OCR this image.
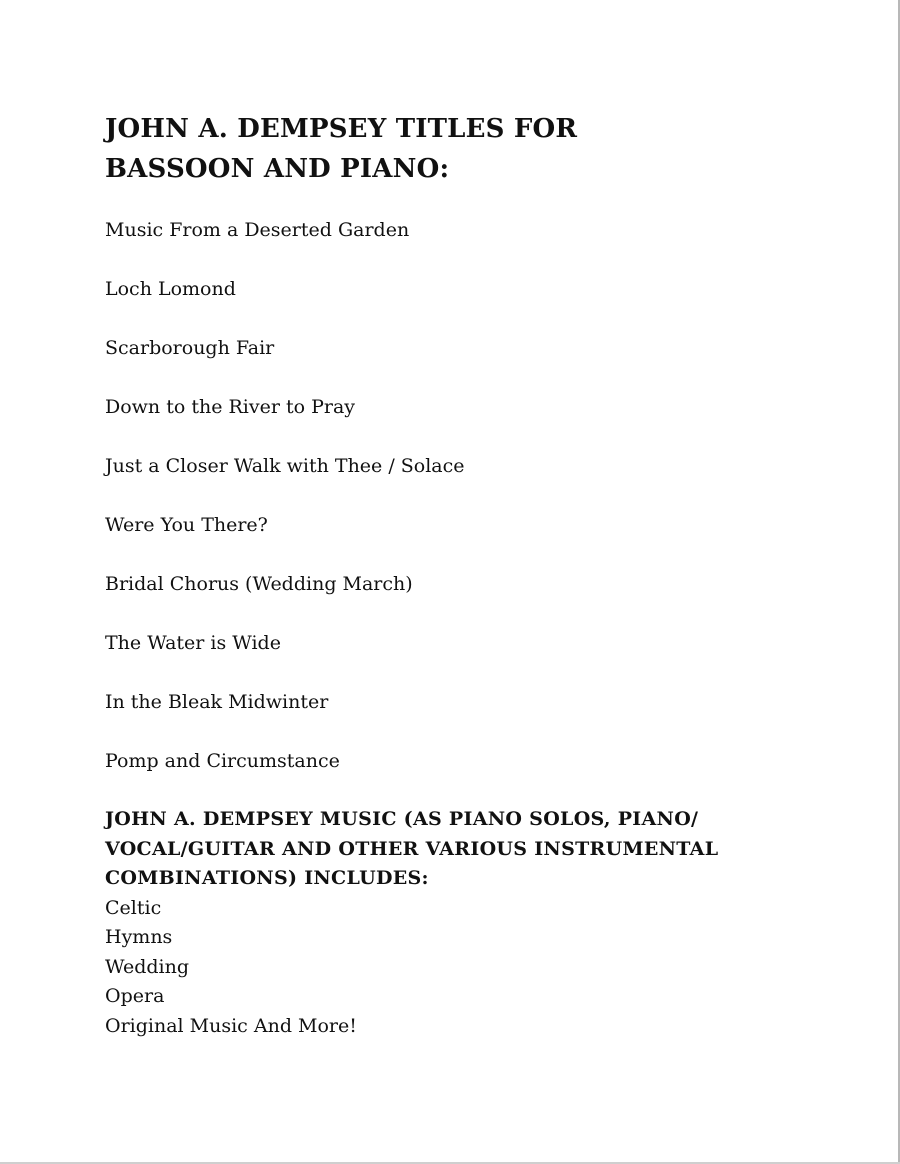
JOHN A. DEMPSEY TITLES FOR
BASSOON AND PIANO:
Music From a Deserted Garden
Loch Lomond
Scarborough Fair
Down to the River to Pray
Just a Closer Walk with Thee / Solace
Were You There?
Bridal Chorus (Wedding March)
The Water is Wide
In the Bleak Midwinter
Pomp and Circumstance
JOHN A. DEMPSEY MUSIC (AS PIANO SOLOS, PIANO/
VOCAL/GUITAR AND OTHER VARIOUS INSTRUMENTAL
COMBINATIONS) INCLUDES:
Celtic
Hymns
Wedding
Opera
Original Music And More!
